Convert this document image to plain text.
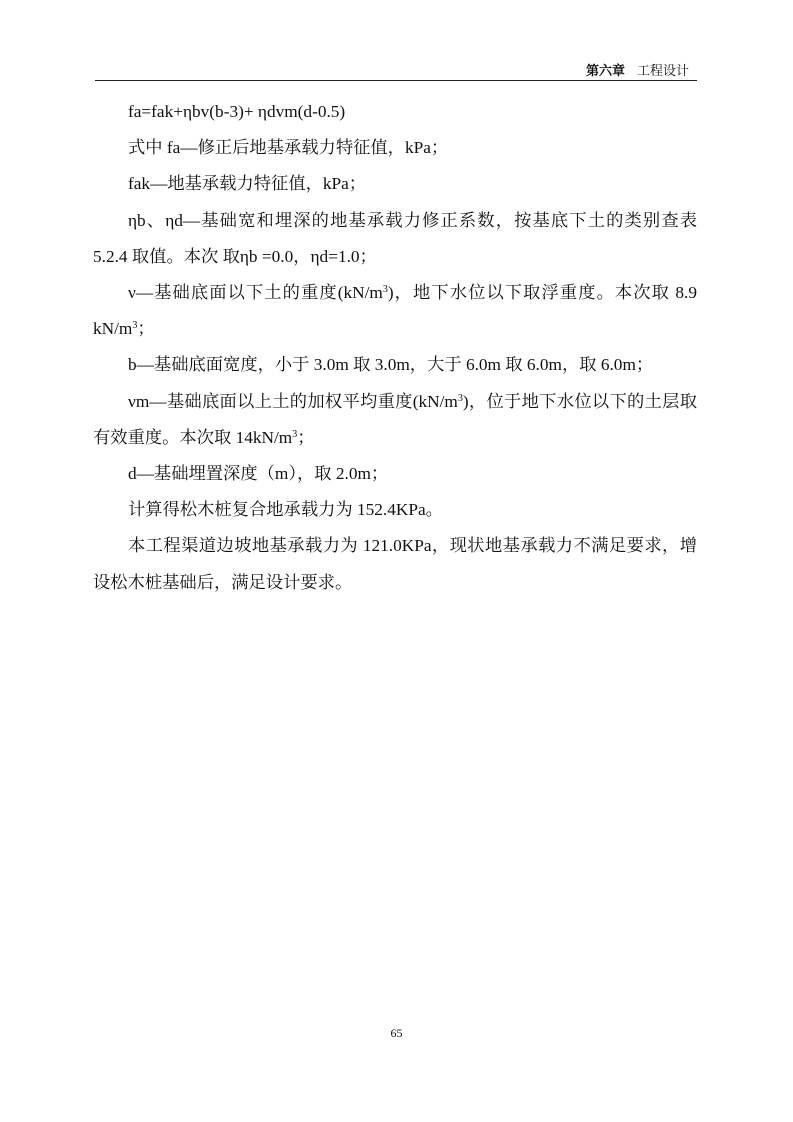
第六章 工程设计

fa=fak+ηbv(b-3)+ ηdvm(d-0.5)

式中 fa—修正后地基承载力特征值，kPa；

fak—地基承载力特征值，kPa；

ηb、ηd—基础宽和埋深的地基承载力修正系数，按基底下土的类别查表 5.2.4 取值。本次 取ηb =0.0，ηd=1.0；

ν—基础底面以下土的重度$(kN/m^3)$，地下水位以下取浮重度。本次取 8.9 $kN/m^3$；

b—基础底面宽度，小于 3.0m 取 3.0m，大于 6.0m 取 6.0m，取 6.0m；

νm—基础底面以上土的加权平均重度$(kN/m^3)$，位于地下水位以下的土层取有效重度。本次取 $14kN/m^3$；

d—基础埋置深度（m），取 2.0m；

计算得松木桩复合地承载力为 152.4KPa。

本工程渠道边坡地基承载力为 121.0KPa，现状地基承载力不满足要求，增设松木桩基础后，满足设计要求。

65
